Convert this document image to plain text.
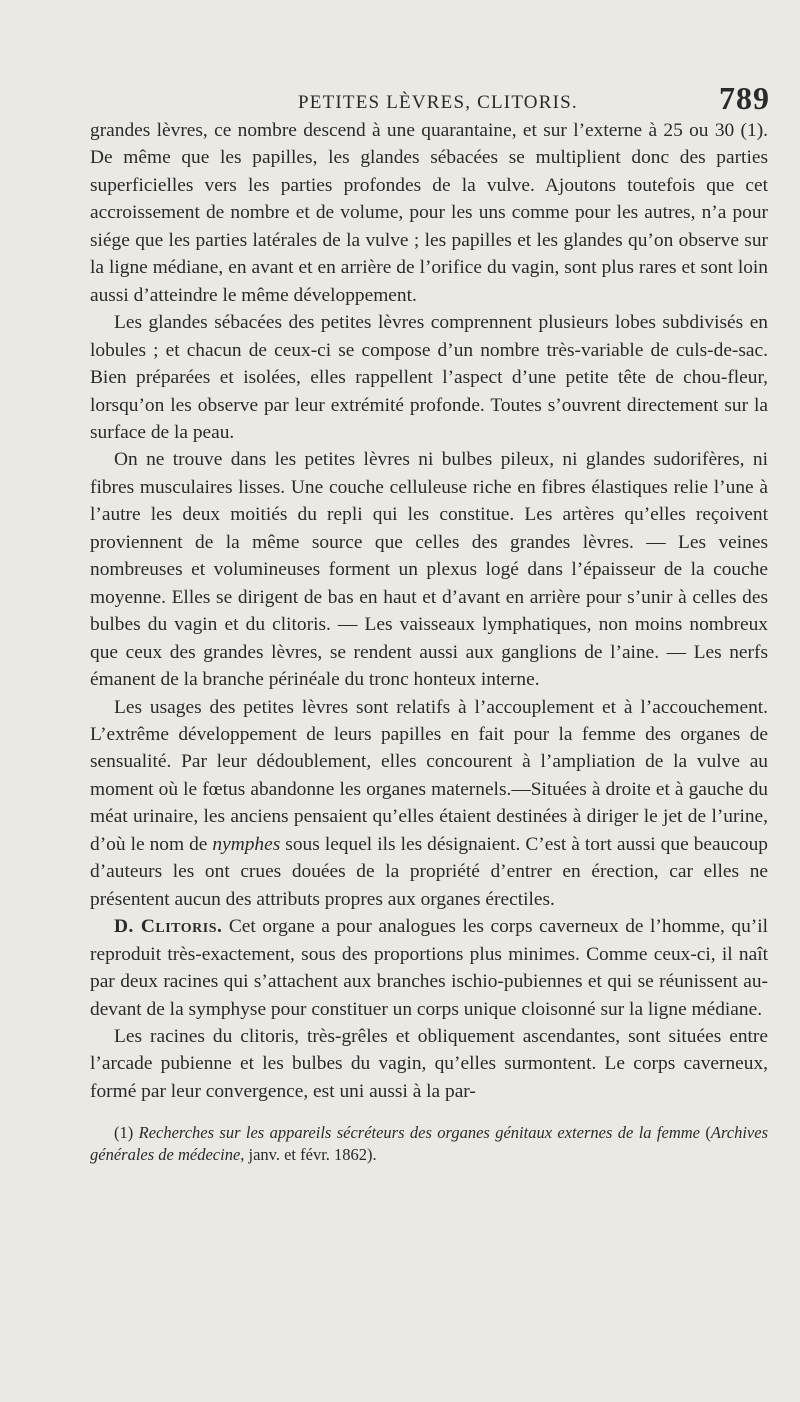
PETITES LÈVRES, CLITORIS.	789

grandes lèvres, ce nombre descend à une quarantaine, et sur l’externe à 25 ou 30 (1). De même que les papilles, les glandes sébacées se multiplient donc des parties superficielles vers les parties profondes de la vulve. Ajoutons toutefois que cet accroissement de nombre et de volume, pour les uns comme pour les autres, n’a pour siége que les parties latérales de la vulve ; les papilles et les glandes qu’on observe sur la ligne médiane, en avant et en arrière de l’orifice du vagin, sont plus rares et sont loin aussi d’atteindre le même développement.

Les glandes sébacées des petites lèvres comprennent plusieurs lobes subdivisés en lobules ; et chacun de ceux-ci se compose d’un nombre très-variable de culs-de-sac. Bien préparées et isolées, elles rappellent l’aspect d’une petite tête de chou-fleur, lorsqu’on les observe par leur extrémité profonde. Toutes s’ouvrent directement sur la surface de la peau.

On ne trouve dans les petites lèvres ni bulbes pileux, ni glandes sudorifères, ni fibres musculaires lisses. Une couche celluleuse riche en fibres élastiques relie l’une à l’autre les deux moitiés du repli qui les constitue. Les artères qu’elles reçoivent proviennent de la même source que celles des grandes lèvres. — Les veines nombreuses et volumineuses forment un plexus logé dans l’épaisseur de la couche moyenne. Elles se dirigent de bas en haut et d’avant en arrière pour s’unir à celles des bulbes du vagin et du clitoris. — Les vaisseaux lymphatiques, non moins nombreux que ceux des grandes lèvres, se rendent aussi aux ganglions de l’aine. — Les nerfs émanent de la branche périnéale du tronc honteux interne.

Les usages des petites lèvres sont relatifs à l’accouplement et à l’accouchement. L’extrême développement de leurs papilles en fait pour la femme des organes de sensualité. Par leur dédoublement, elles concourent à l’ampliation de la vulve au moment où le fœtus abandonne les organes maternels.—Situées à droite et à gauche du méat urinaire, les anciens pensaient qu’elles étaient destinées à diriger le jet de l’urine, d’où le nom de nymphes sous lequel ils les désignaient. C’est à tort aussi que beaucoup d’auteurs les ont crues douées de la propriété d’entrer en érection, car elles ne présentent aucun des attributs propres aux organes érectiles.

D. Clitoris. Cet organe a pour analogues les corps caverneux de l’homme, qu’il reproduit très-exactement, sous des proportions plus minimes. Comme ceux-ci, il naît par deux racines qui s’attachent aux branches ischio-pubiennes et qui se réunissent au-devant de la symphyse pour constituer un corps unique cloisonné sur la ligne médiane.

Les racines du clitoris, très-grêles et obliquement ascendantes, sont situées entre l’arcade pubienne et les bulbes du vagin, qu’elles surmontent. Le corps caverneux, formé par leur convergence, est uni aussi à la par-

(1) Recherches sur les appareils sécréteurs des organes génitaux externes de la femme (Archives générales de médecine, janv. et févr. 1862).
